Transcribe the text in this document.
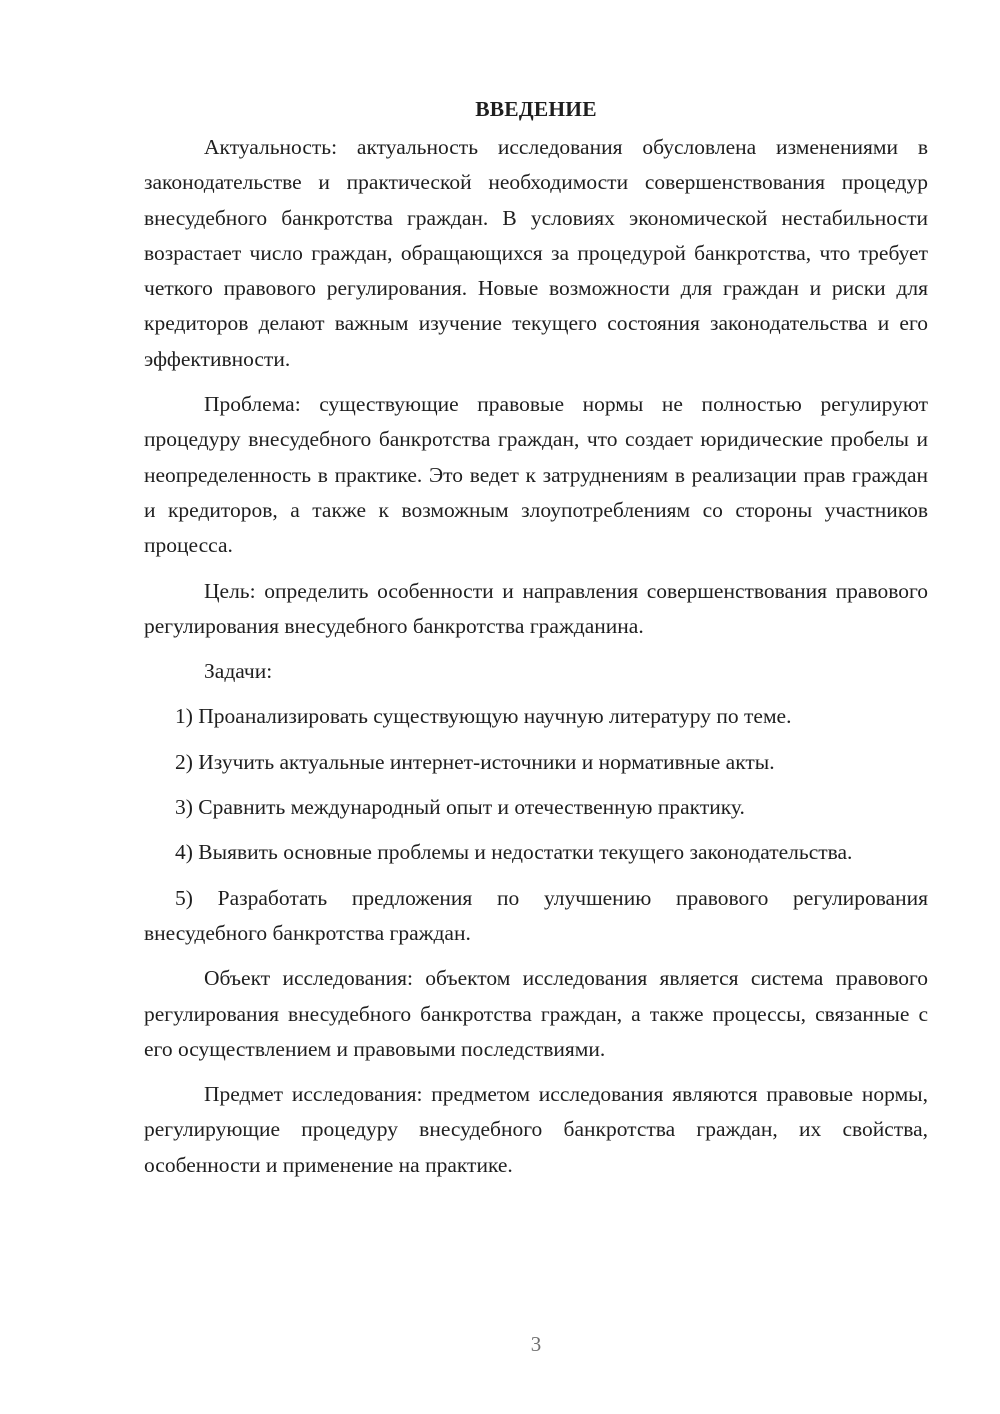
ВВЕДЕНИЕ

Актуальность: актуальность исследования обусловлена изменениями в законодательстве и практической необходимости совершенствования процедур внесудебного банкротства граждан. В условиях экономической нестабильности возрастает число граждан, обращающихся за процедурой банкротства, что требует четкого правового регулирования. Новые возможности для граждан и риски для кредиторов делают важным изучение текущего состояния законодательства и его эффективности.

Проблема: существующие правовые нормы не полностью регулируют процедуру внесудебного банкротства граждан, что создает юридические пробелы и неопределенность в практике. Это ведет к затруднениям в реализации прав граждан и кредиторов, а также к возможным злоупотреблениям со стороны участников процесса.

Цель: определить особенности и направления совершенствования правового регулирования внесудебного банкротства гражданина.

Задачи:

1) Проанализировать существующую научную литературу по теме.

2) Изучить актуальные интернет-источники и нормативные акты.

3) Сравнить международный опыт и отечественную практику.

4) Выявить основные проблемы и недостатки текущего законодательства.

5) Разработать предложения по улучшению правового регулирования внесудебного банкротства граждан.

Объект исследования: объектом исследования является система правового регулирования внесудебного банкротства граждан, а также процессы, связанные с его осуществлением и правовыми последствиями.

Предмет исследования: предметом исследования являются правовые нормы, регулирующие процедуру внесудебного банкротства граждан, их свойства, особенности и применение на практике.

3
